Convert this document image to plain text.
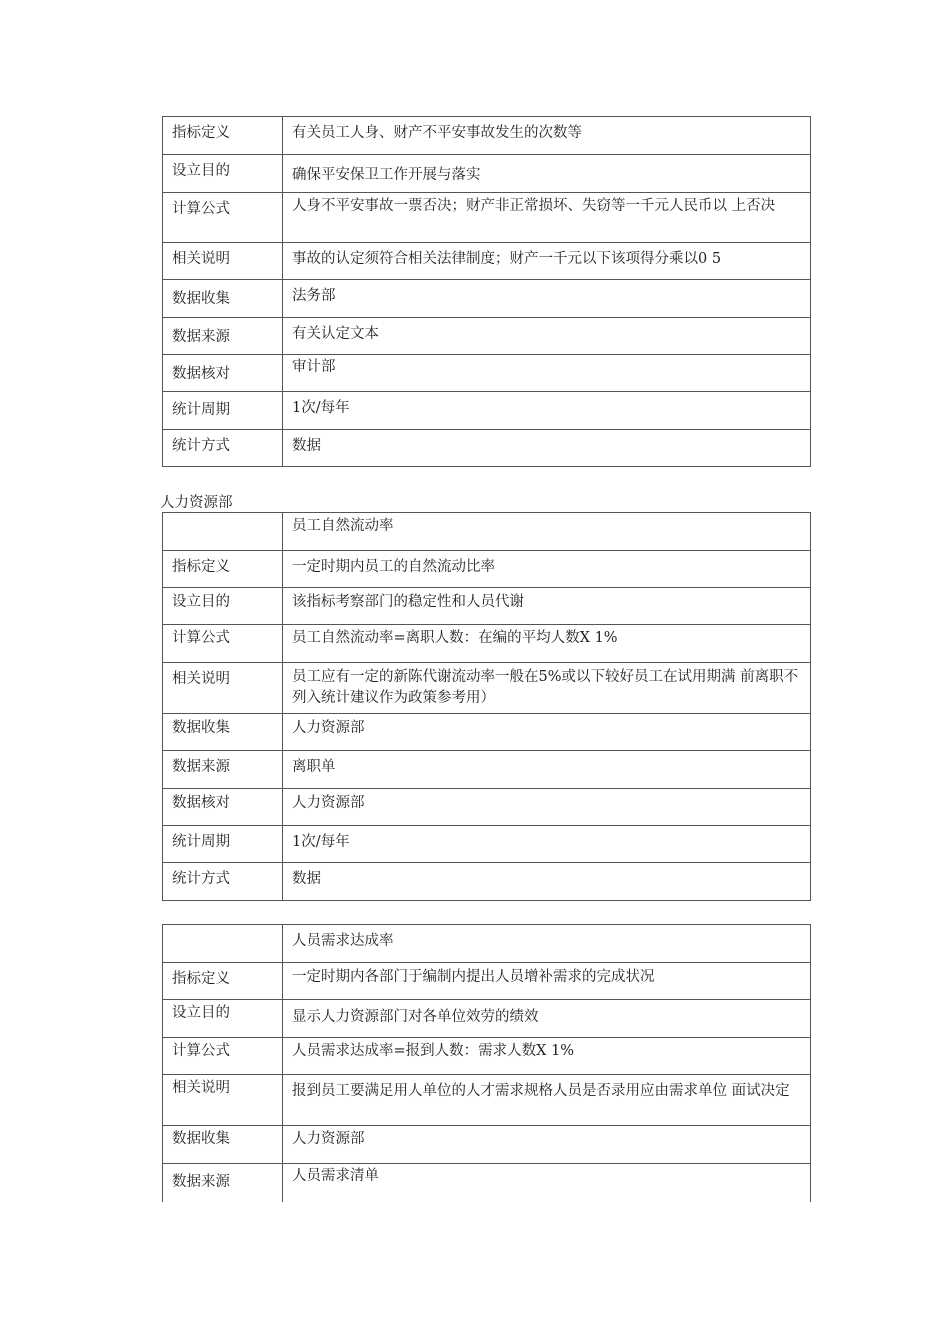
指标定义	有关员工人身、财产不平安事故发生的次数等
设立目的	确保平安保卫工作开展与落实
计算公式	人身不平安事故一票否决；财产非正常损坏、失窃等一千元人民币以 上否决
相关说明	事故的认定须符合相关法律制度；财产一千元以下该项得分乘以0 5
数据收集	法务部
数据来源	有关认定文本
数据核对	审计部
统计周期	1次/每年
统计方式	数据

人力资源部

	员工自然流动率
指标定义	一定时期内员工的自然流动比率
设立目的	该指标考察部门的稳定性和人员代谢
计算公式	员工自然流动率=离职人数：在编的平均人数X 1%
相关说明	员工应有一定的新陈代谢流动率一般在5%或以下较好员工在试用期满 前离职不列入统计建议作为政策参考用）
数据收集	人力资源部
数据来源	离职单
数据核对	人力资源部
统计周期	1次/每年
统计方式	数据
	人员需求达成率
指标定义	一定时期内各部门于编制内提出人员增补需求的完成状况
设立目的	显示人力资源部门对各单位效劳的绩效
计算公式	人员需求达成率=报到人数：需求人数X 1%
相关说明	报到员工要满足用人单位的人才需求规格人员是否录用应由需求单位 面试决定
数据收集	人力资源部
数据来源	人员需求清单
